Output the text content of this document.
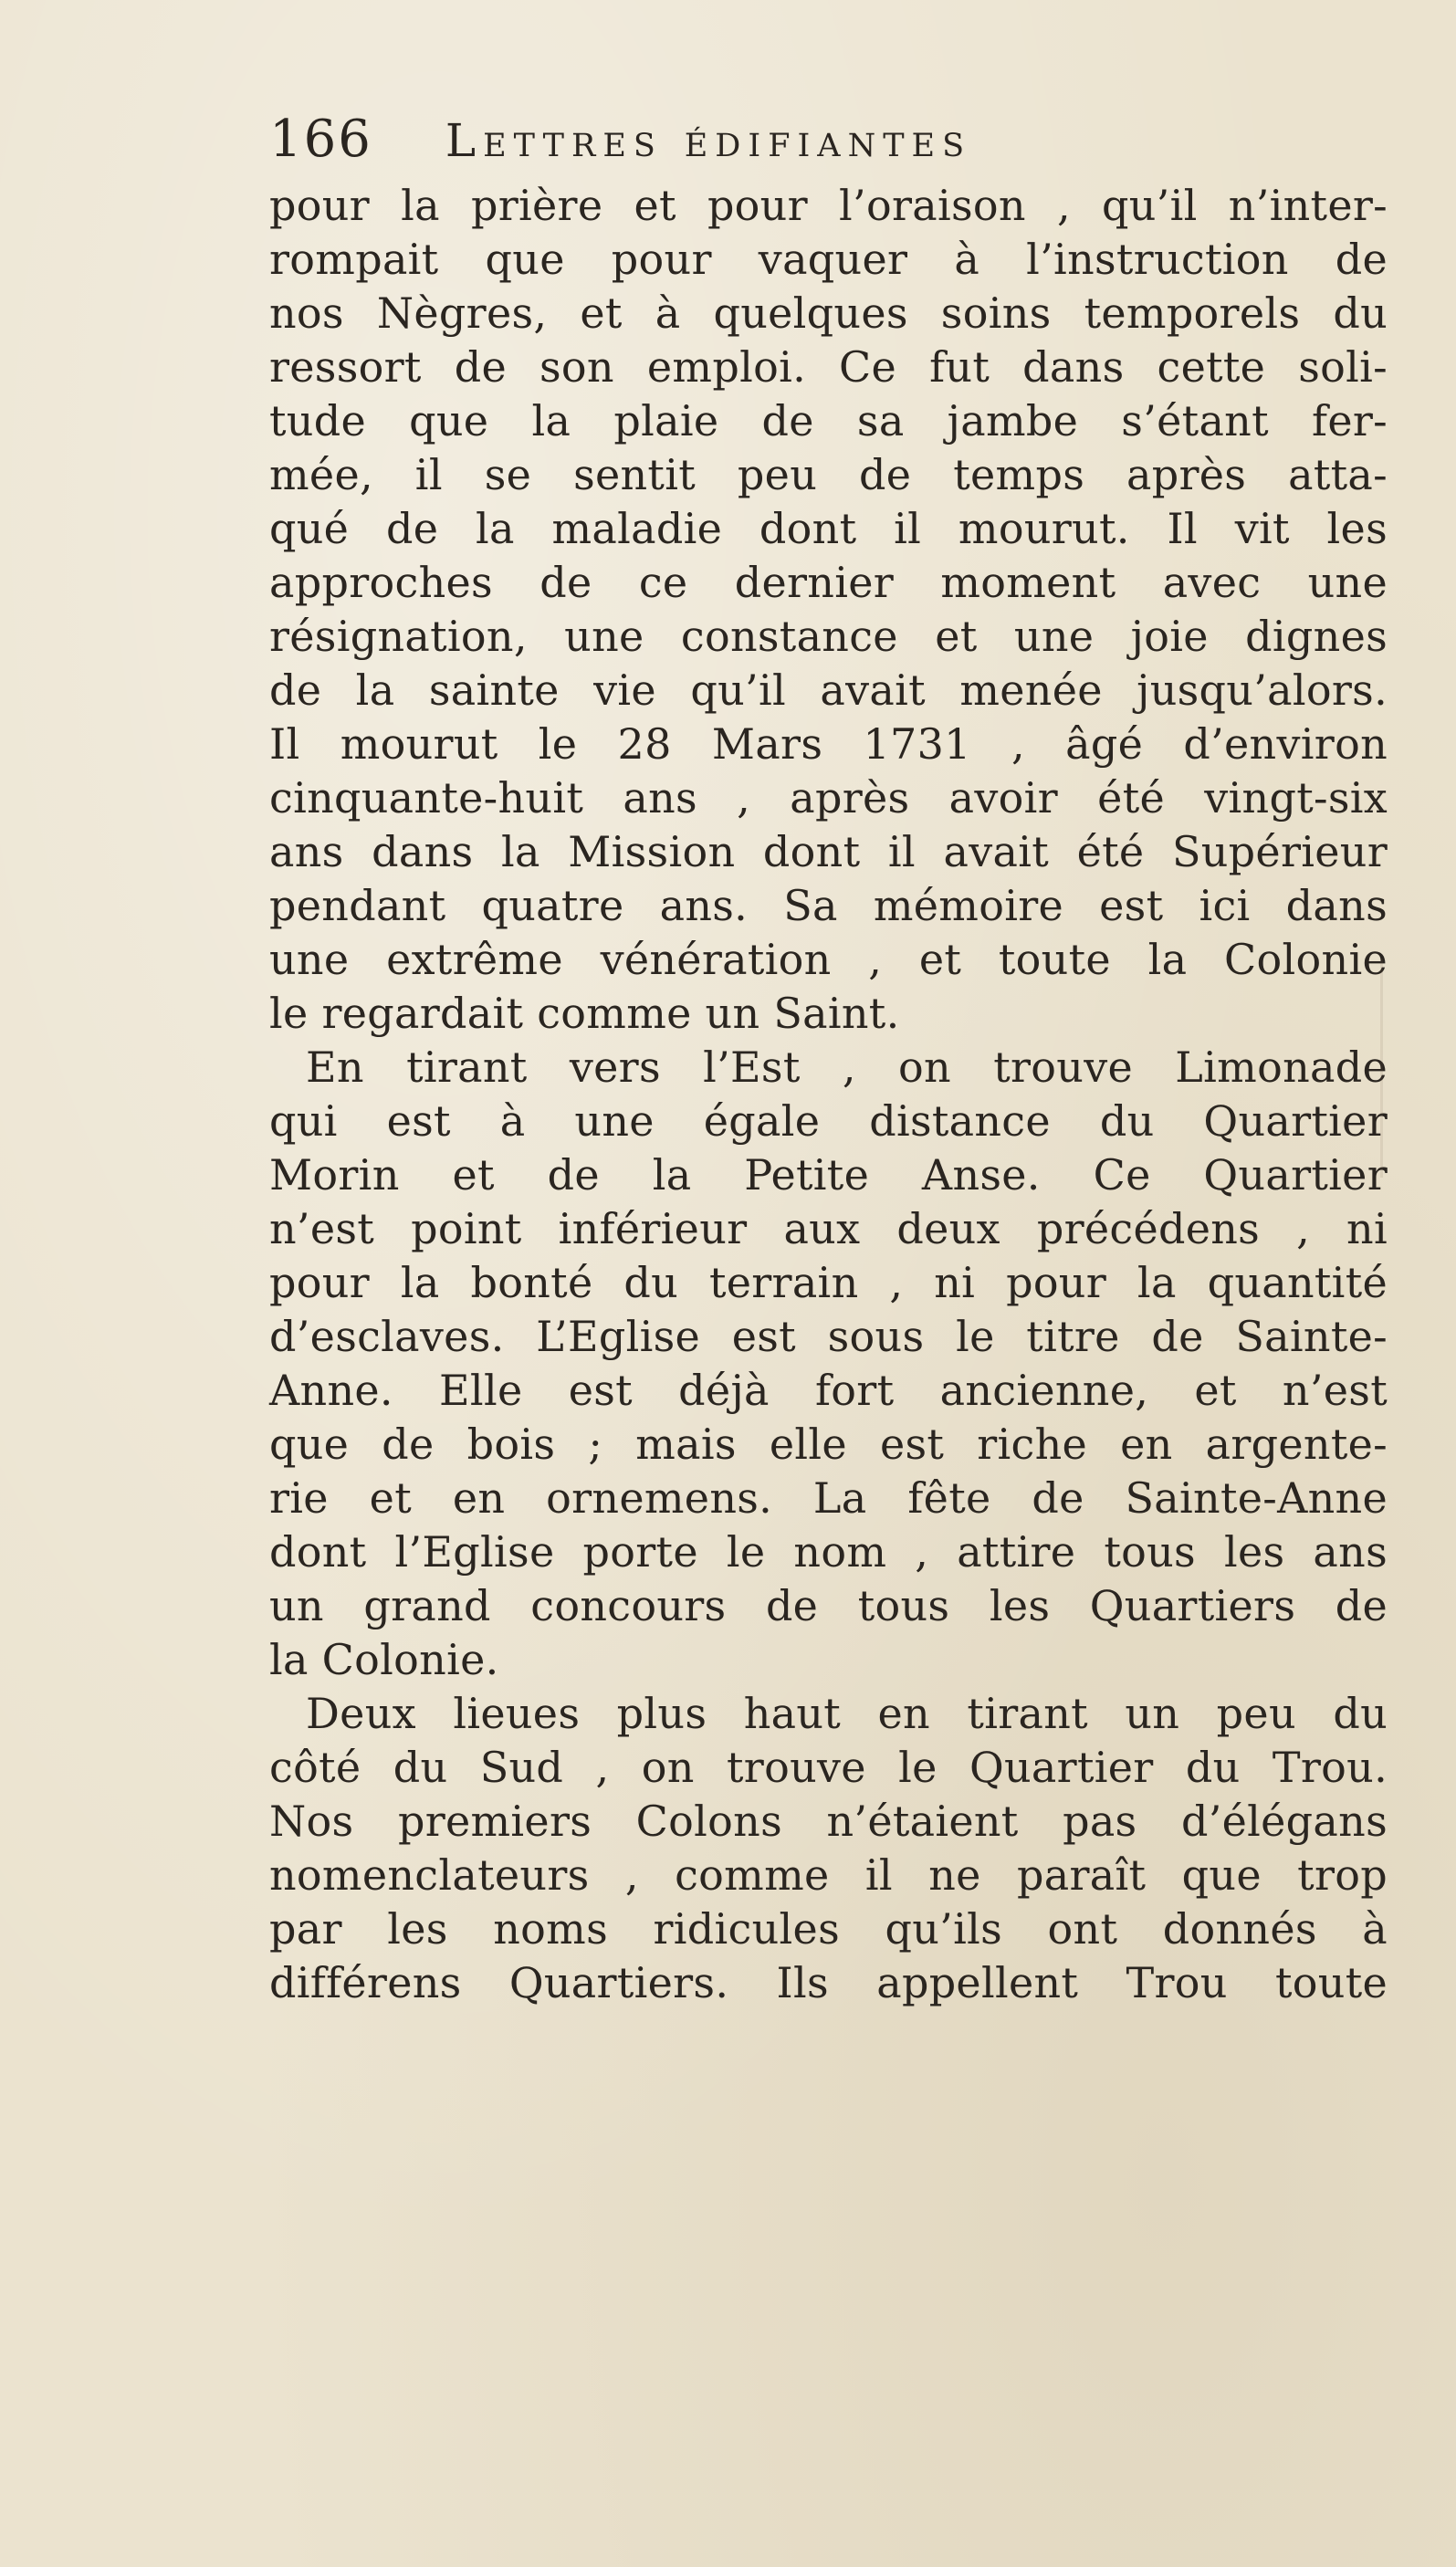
166 Lettres édifiantes
pour la prière et pour l’oraison , qu’il n’inter-
rompait que pour vaquer à l’instruction de
nos Nègres, et à quelques soins temporels du
ressort de son emploi. Ce fut dans cette soli-
tude que la plaie de sa jambe s’étant fer-
mée, il se sentit peu de temps après atta-
qué de la maladie dont il mourut. Il vit les
approches de ce dernier moment avec une
résignation, une constance et une joie dignes
de la sainte vie qu’il avait menée jusqu’alors.
Il mourut le 28 Mars 1731 , âgé d’environ
cinquante-huit ans , après avoir été vingt-six
ans dans la Mission dont il avait été Supérieur
pendant quatre ans. Sa mémoire est ici dans
une extrême vénération , et toute la Colonie
le regardait comme un Saint.
En tirant vers l’Est , on trouve Limonade
qui est à une égale distance du Quartier
Morin et de la Petite Anse. Ce Quartier
n’est point inférieur aux deux précédens , ni
pour la bonté du terrain , ni pour la quantité
d’esclaves. L’Eglise est sous le titre de Sainte-
Anne. Elle est déjà fort ancienne, et n’est
que de bois ; mais elle est riche en argente-
rie et en ornemens. La fête de Sainte-Anne
dont l’Eglise porte le nom , attire tous les ans
un grand concours de tous les Quartiers de
la Colonie.
Deux lieues plus haut en tirant un peu du
côté du Sud , on trouve le Quartier du Trou.
Nos premiers Colons n’étaient pas d’élégans
nomenclateurs , comme il ne paraît que trop
par les noms ridicules qu’ils ont donnés à
différens Quartiers. Ils appellent Trou toute
